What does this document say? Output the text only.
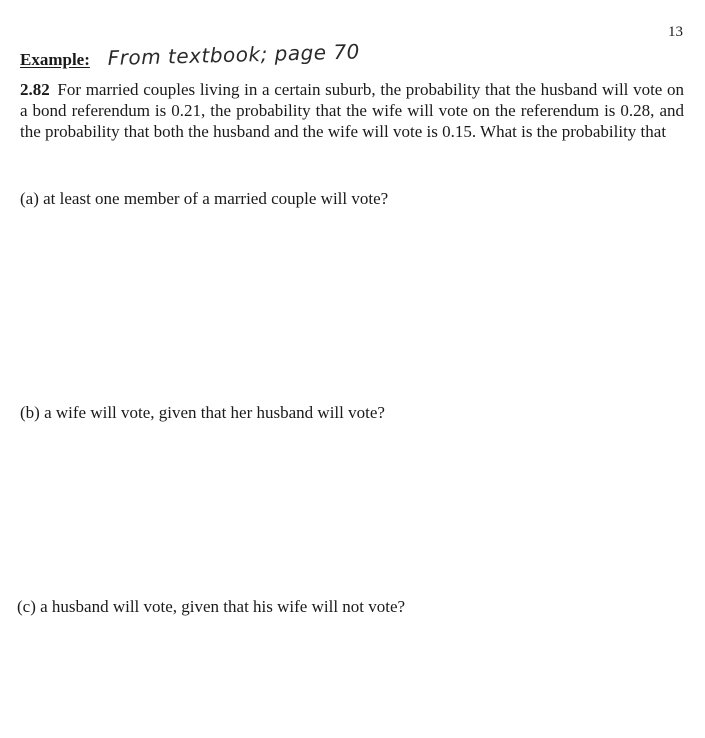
13
Example: From textbook; page 70

2.82 For married couples living in a certain suburb, the probability that the husband will vote on a bond referendum is 0.21, the probability that the wife will vote on the referendum is 0.28, and the probability that both the husband and the wife will vote is 0.15. What is the probability that

(a) at least one member of a married couple will vote?

(b) a wife will vote, given that her husband will vote?

(c) a husband will vote, given that his wife will not vote?
